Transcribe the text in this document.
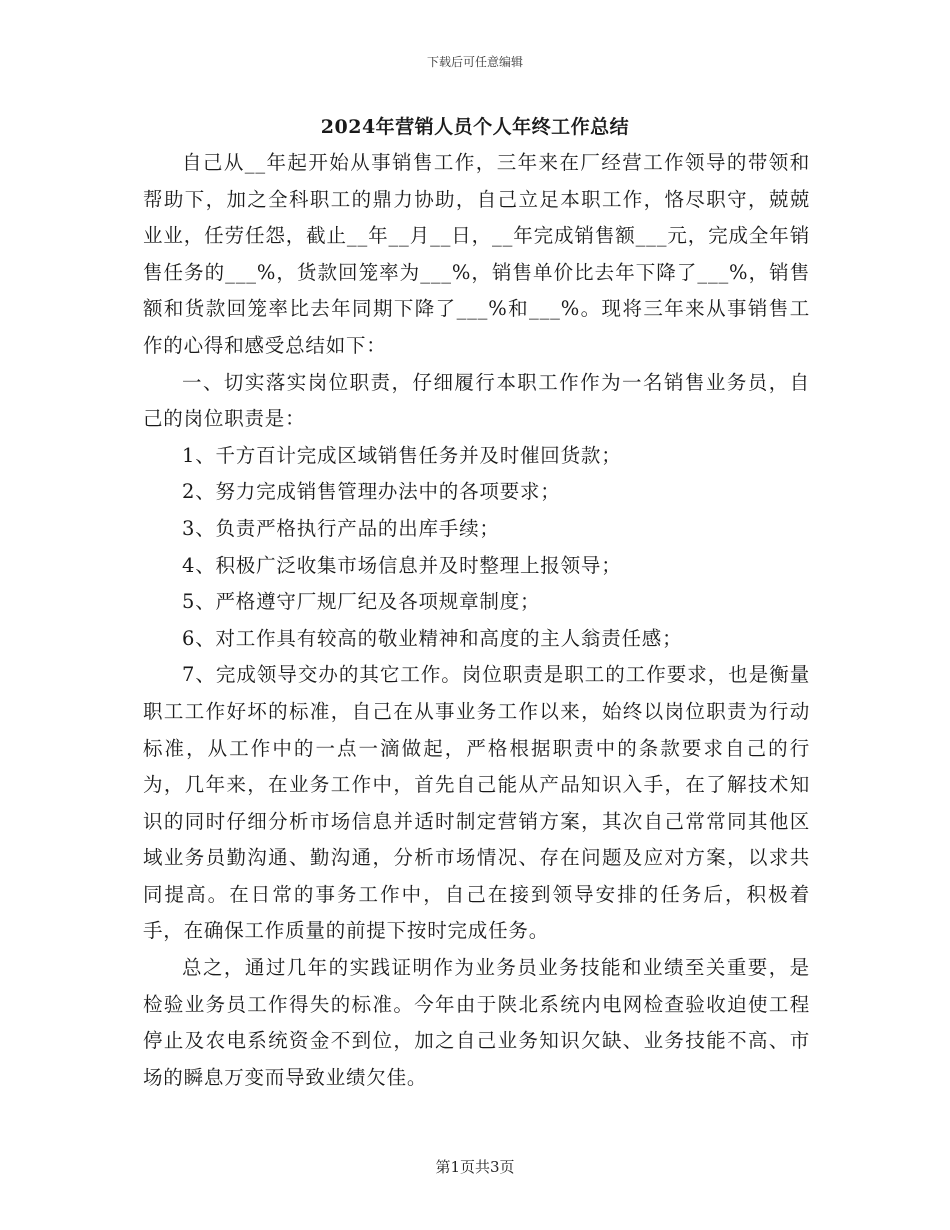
下载后可任意编辑
2024年营销人员个人年终工作总结

自己从__年起开始从事销售工作，三年来在厂经营工作领导的带领和帮助下，加之全科职工的鼎力协助，自己立足本职工作，恪尽职守，兢兢业业，任劳任怨，截止__年__月__日，__年完成销售额___元，完成全年销售任务的___%，货款回笼率为___%，销售单价比去年下降了___%，销售额和货款回笼率比去年同期下降了___%和___%。现将三年来从事销售工作的心得和感受总结如下：

一、切实落实岗位职责，仔细履行本职工作作为一名销售业务员，自己的岗位职责是：

1、千方百计完成区域销售任务并及时催回货款；

2、努力完成销售管理办法中的各项要求；

3、负责严格执行产品的出库手续；

4、积极广泛收集市场信息并及时整理上报领导；

5、严格遵守厂规厂纪及各项规章制度；

6、对工作具有较高的敬业精神和高度的主人翁责任感；

7、完成领导交办的其它工作。岗位职责是职工的工作要求，也是衡量职工工作好坏的标准，自己在从事业务工作以来，始终以岗位职责为行动标准，从工作中的一点一滴做起，严格根据职责中的条款要求自己的行为，几年来，在业务工作中，首先自己能从产品知识入手，在了解技术知识的同时仔细分析市场信息并适时制定营销方案，其次自己常常同其他区域业务员勤沟通、勤沟通，分析市场情况、存在问题及应对方案，以求共同提高。在日常的事务工作中，自己在接到领导安排的任务后，积极着手，在确保工作质量的前提下按时完成任务。

总之，通过几年的实践证明作为业务员业务技能和业绩至关重要，是检验业务员工作得失的标准。今年由于陕北系统内电网检查验收迫使工程停止及农电系统资金不到位，加之自己业务知识欠缺、业务技能不高、市场的瞬息万变而导致业绩欠佳。

第1页共3页
